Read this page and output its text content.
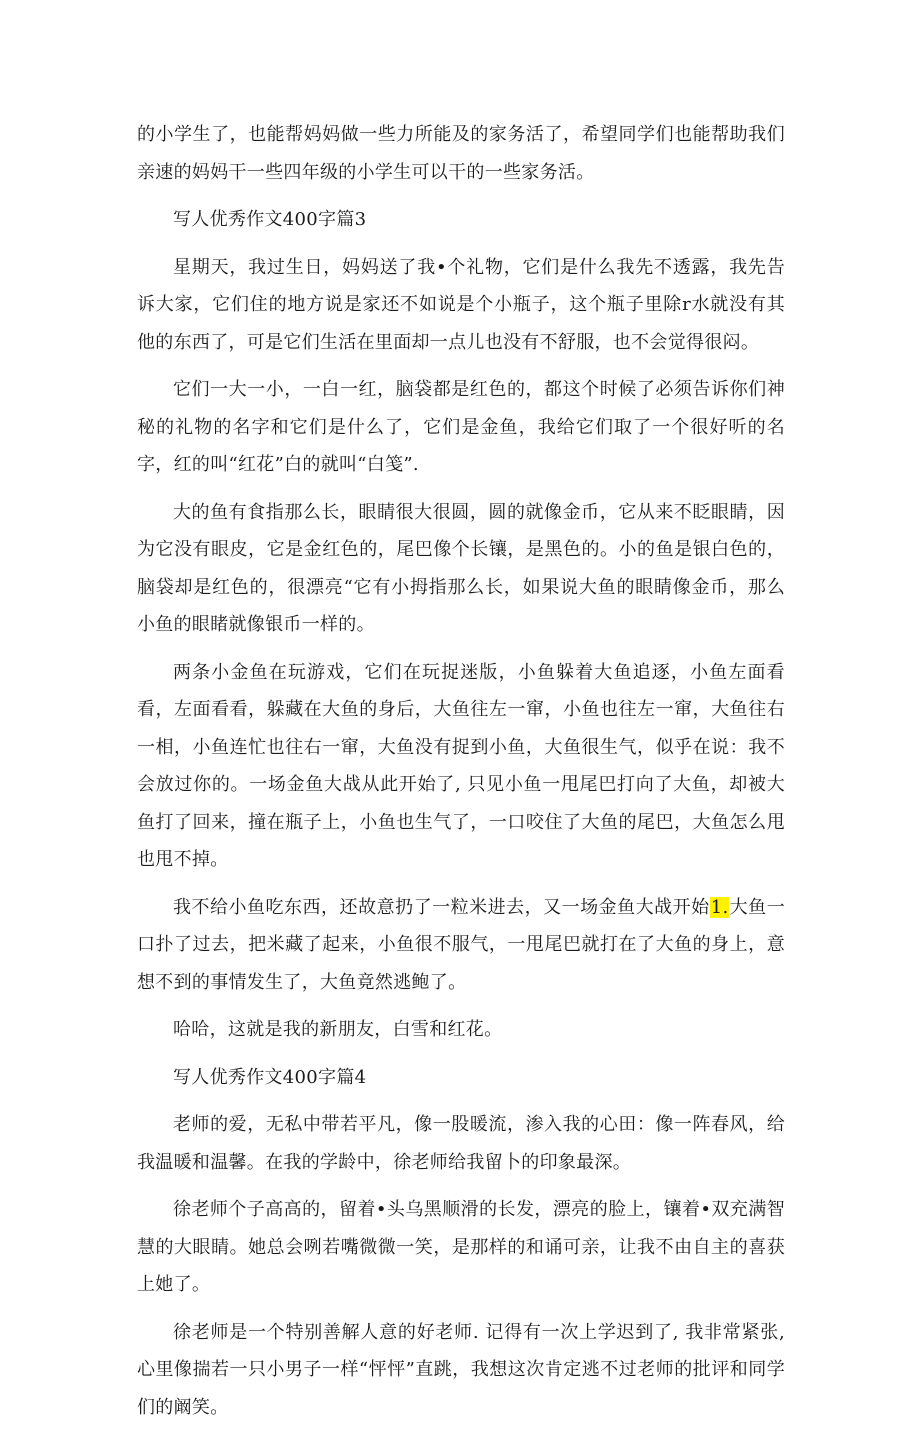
的小学生了，也能帮妈妈做一些力所能及的家务活了，希望同学们也能帮助我们亲速的妈妈干一些四年级的小学生可以干的一些家务活。

写人优秀作文400字篇3

星期天，我过生日，妈妈送了我•个礼物，它们是什么我先不透露，我先告诉大家，它们住的地方说是家还不如说是个小瓶子，这个瓶子里除r水就没有其他的东西了，可是它们生活在里面却一点儿也没有不舒服，也不会觉得很闷。

它们一大一小，一白一红，脑袋都是红色的，都这个时候了必须告诉你们神秘的礼物的名字和它们是什么了，它们是金鱼，我给它们取了一个很好听的名字，红的叫“红花”白的就叫“白笺”.

大的鱼有食指那么长，眼睛很大很圆，圆的就像金币，它从来不眨眼睛，因为它没有眼皮，它是金红色的，尾巴像个长镶，是黑色的。小的鱼是银白色的，脑袋却是红色的，很漂亮“它有小拇指那么长，如果说大鱼的眼睛像金币，那么小鱼的眼睹就像银币一样的。

两条小金鱼在玩游戏，它们在玩捉迷版，小鱼躲着大鱼追逐，小鱼左面看看，左面看看，躲藏在大鱼的身后，大鱼往左一窜，小鱼也往左一窜，大鱼往右一相，小鱼连忙也往右一窜，大鱼没有捉到小鱼，大鱼很生气，似乎在说：我不会放过你的。一场金鱼大战从此开始了, 只见小鱼一甩尾巴打向了大鱼，却被大鱼打了回来，撞在瓶子上，小鱼也生气了，一口咬住了大鱼的尾巴，大鱼怎么甩也甩不掉。

我不给小鱼吃东西，还故意扔了一粒米进去，又一场金鱼大战开始1.大鱼一口扑了过去，把米藏了起来，小鱼很不服气，一甩尾巴就打在了大鱼的身上，意想不到的事情发生了，大鱼竟然逃鲍了。

哈哈，这就是我的新朋友，白雪和红花。

写人优秀作文400字篇4

老师的爱，无私中带若平凡，像一股暖流，渗入我的心田：像一阵春风，给我温暖和温馨。在我的学龄中，徐老师给我留卜的印象最深。

徐老师个子高高的，留着•头乌黑顺滑的长发，漂亮的脸上，镶着•双充满智慧的大眼睛。她总会咧若嘴微微一笑，是那样的和诵可亲，让我不由自主的喜获上她了。

徐老师是一个特别善解人意的好老师. 记得有一次上学迟到了, 我非常紧张, 心里像揣若一只小男子一样“怦怦”直跳，我想这次肯定逃不过老师的批评和同学们的阚笑。
